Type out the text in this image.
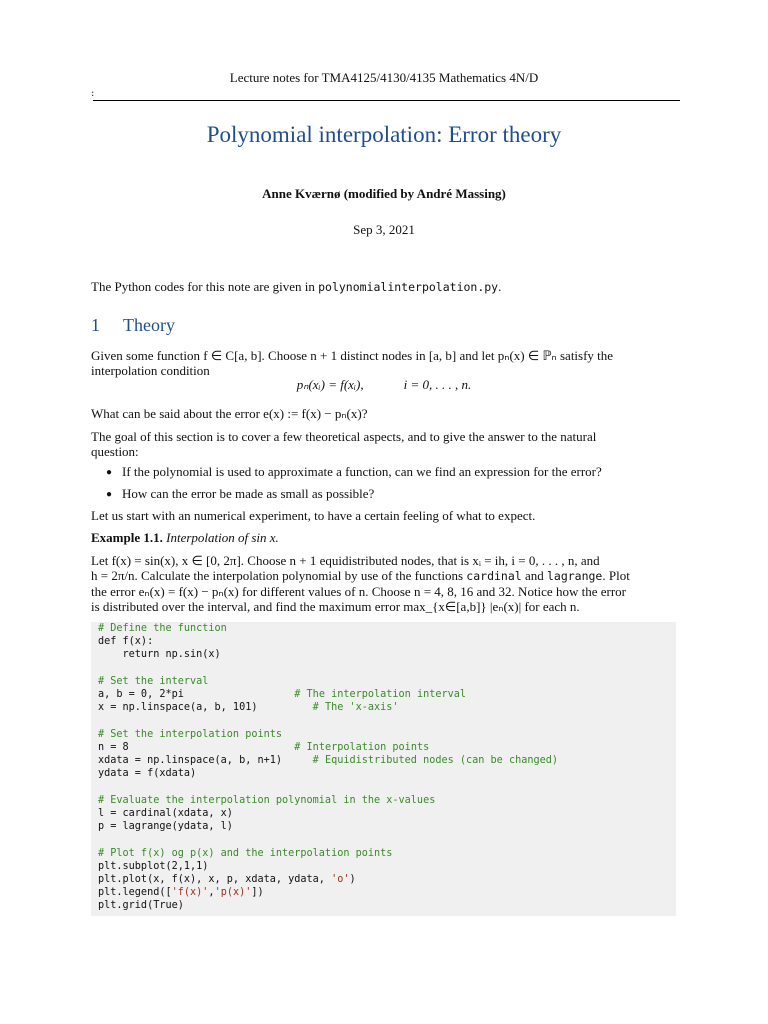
Lecture notes for TMA4125/4130/4135 Mathematics 4N/D
:
Polynomial interpolation: Error theory
Anne Kværnø (modified by André Massing)
Sep 3, 2021
The Python codes for this note are given in polynomialinterpolation.py.
1 Theory
Given some function f ∈ C[a, b]. Choose n + 1 distinct nodes in [a, b] and let pₙ(x) ∈ ℙₙ satisfy the
interpolation condition
pₙ(xᵢ) = f(xᵢ),	i = 0, . . . , n.
What can be said about the error e(x) := f(x) − pₙ(x)?
The goal of this section is to cover a few theoretical aspects, and to give the answer to the natural
question:
● If the polynomial is used to approximate a function, can we find an expression for the error?
● How can the error be made as small as possible?
Let us start with an numerical experiment, to have a certain feeling of what to expect.
Example 1.1. Interpolation of sin x.
Let f(x) = sin(x), x ∈ [0, 2π]. Choose n + 1 equidistributed nodes, that is xᵢ = ih, i = 0, . . . , n, and
h = 2π/n. Calculate the interpolation polynomial by use of the functions cardinal and lagrange. Plot
the error eₙ(x) = f(x) − pₙ(x) for different values of n. Choose n = 4, 8, 16 and 32. Notice how the error
is distributed over the interval, and find the maximum error max_{x∈[a,b]} |eₙ(x)| for each n.
# Define the function
def f(x):
return np.sin(x)
# Set the interval
a, b = 0, 2*pi                  # The interpolation interval
x = np.linspace(a, b, 101)         # The 'x-axis'
# Set the interpolation points
n = 8                           # Interpolation points
xdata = np.linspace(a, b, n+1)     # Equidistributed nodes (can be changed)
ydata = f(xdata)
# Evaluate the interpolation polynomial in the x-values
l = cardinal(xdata, x)
p = lagrange(ydata, l)
# Plot f(x) og p(x) and the interpolation points
plt.subplot(2,1,1)
plt.plot(x, f(x), x, p, xdata, ydata, 'o')
plt.legend(['f(x)','p(x)'])
plt.grid(True)
